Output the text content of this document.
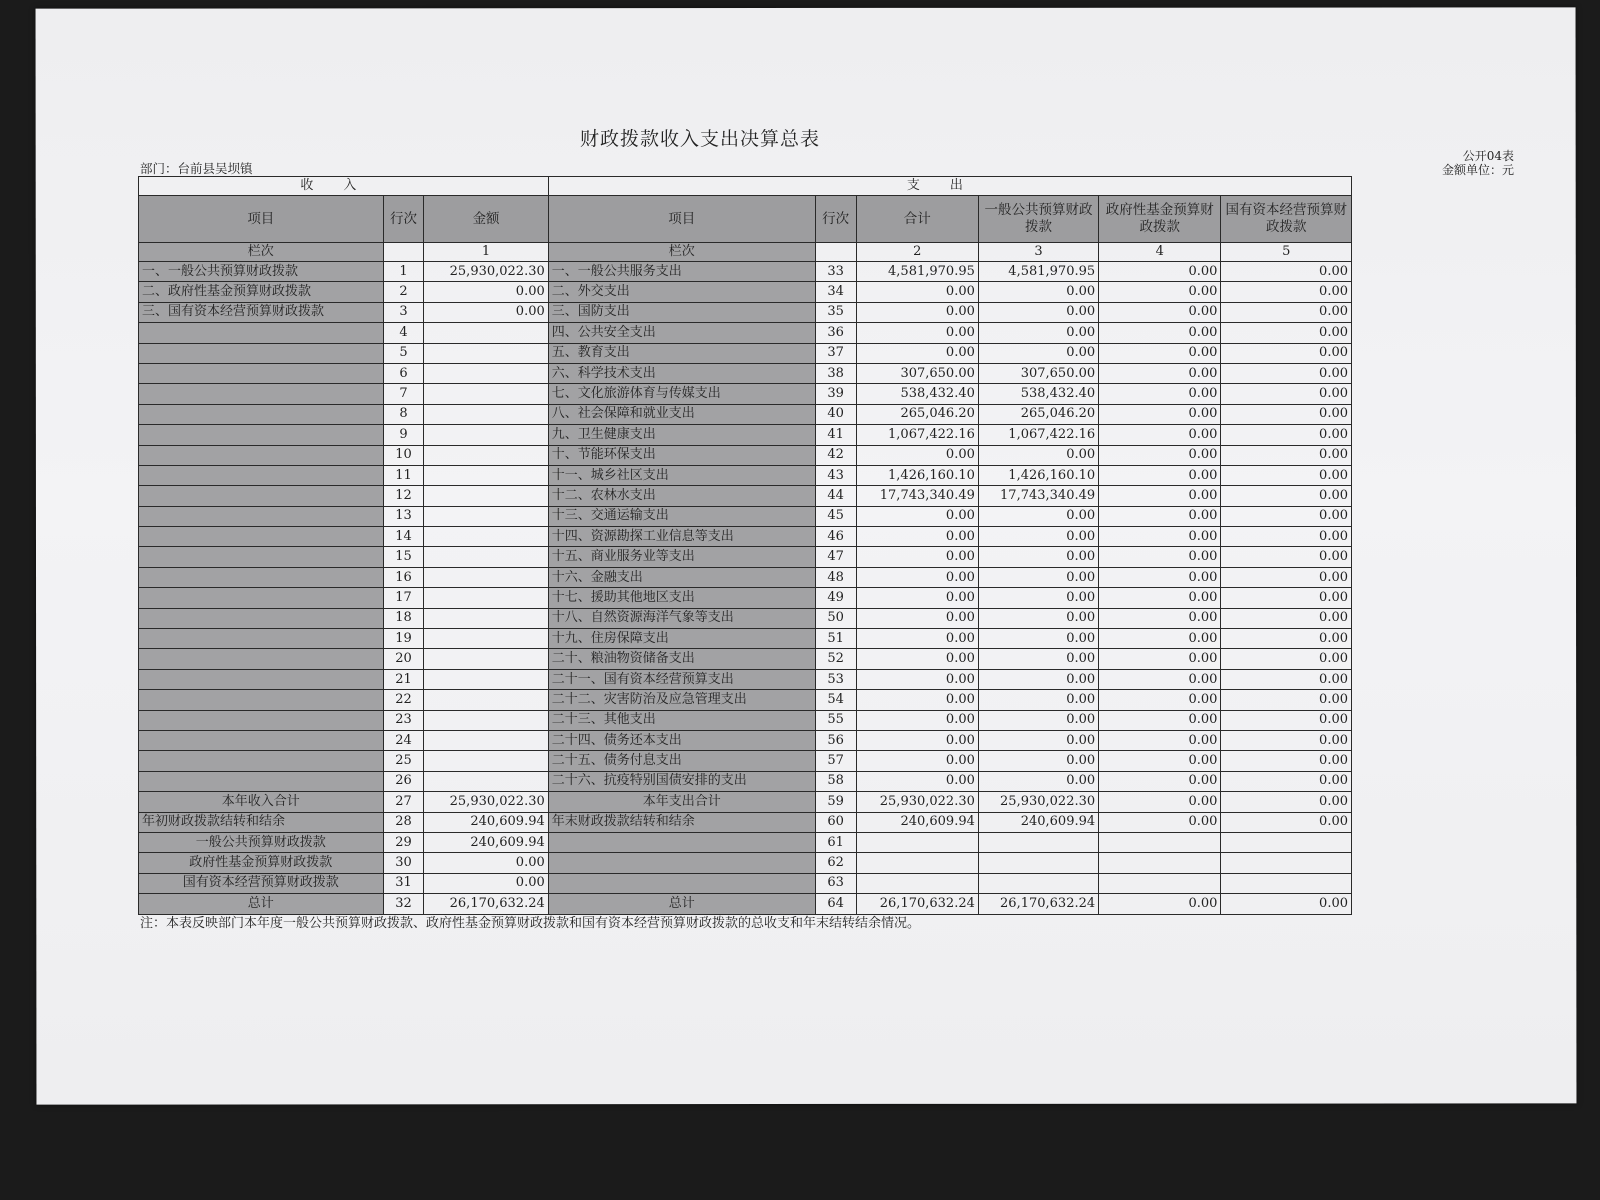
财政拨款收入支出决算总表
部门：台前县吴坝镇
公开04表
金额单位：元
收入			支出					
项目	行次	金额	项目	行次	合计	一般公共预算财政拨款	政府性基金预算财政拨款	国有资本经营预算财政拨款
栏次		1	栏次		2	3	4	5
一、一般公共预算财政拨款	1	25,930,022.30	一、一般公共服务支出	33	4,581,970.95	4,581,970.95	0.00	0.00
二、政府性基金预算财政拨款	2	0.00	二、外交支出	34	0.00	0.00	0.00	0.00
三、国有资本经营预算财政拨款	3	0.00	三、国防支出	35	0.00	0.00	0.00	0.00
	4		四、公共安全支出	36	0.00	0.00	0.00	0.00
	5		五、教育支出	37	0.00	0.00	0.00	0.00
	6		六、科学技术支出	38	307,650.00	307,650.00	0.00	0.00
	7		七、文化旅游体育与传媒支出	39	538,432.40	538,432.40	0.00	0.00
	8		八、社会保障和就业支出	40	265,046.20	265,046.20	0.00	0.00
	9		九、卫生健康支出	41	1,067,422.16	1,067,422.16	0.00	0.00
	10		十、节能环保支出	42	0.00	0.00	0.00	0.00
	11		十一、城乡社区支出	43	1,426,160.10	1,426,160.10	0.00	0.00
	12		十二、农林水支出	44	17,743,340.49	17,743,340.49	0.00	0.00
	13		十三、交通运输支出	45	0.00	0.00	0.00	0.00
	14		十四、资源勘探工业信息等支出	46	0.00	0.00	0.00	0.00
	15		十五、商业服务业等支出	47	0.00	0.00	0.00	0.00
	16		十六、金融支出	48	0.00	0.00	0.00	0.00
	17		十七、援助其他地区支出	49	0.00	0.00	0.00	0.00
	18		十八、自然资源海洋气象等支出	50	0.00	0.00	0.00	0.00
	19		十九、住房保障支出	51	0.00	0.00	0.00	0.00
	20		二十、粮油物资储备支出	52	0.00	0.00	0.00	0.00
	21		二十一、国有资本经营预算支出	53	0.00	0.00	0.00	0.00
	22		二十二、灾害防治及应急管理支出	54	0.00	0.00	0.00	0.00
	23		二十三、其他支出	55	0.00	0.00	0.00	0.00
	24		二十四、债务还本支出	56	0.00	0.00	0.00	0.00
	25		二十五、债务付息支出	57	0.00	0.00	0.00	0.00
	26		二十六、抗疫特别国债安排的支出	58	0.00	0.00	0.00	0.00
本年收入合计	27	25,930,022.30	本年支出合计	59	25,930,022.30	25,930,022.30	0.00	0.00
年初财政拨款结转和结余	28	240,609.94	年末财政拨款结转和结余	60	240,609.94	240,609.94	0.00	0.00
一般公共预算财政拨款	29	240,609.94		61				
政府性基金预算财政拨款	30	0.00		62				
国有资本经营预算财政拨款	31	0.00		63				
总计	32	26,170,632.24	总计	64	26,170,632.24	26,170,632.24	0.00	0.00
注：本表反映部门本年度一般公共预算财政拨款、政府性基金预算财政拨款和国有资本经营预算财政拨款的总收支和年末结转结余情况。
